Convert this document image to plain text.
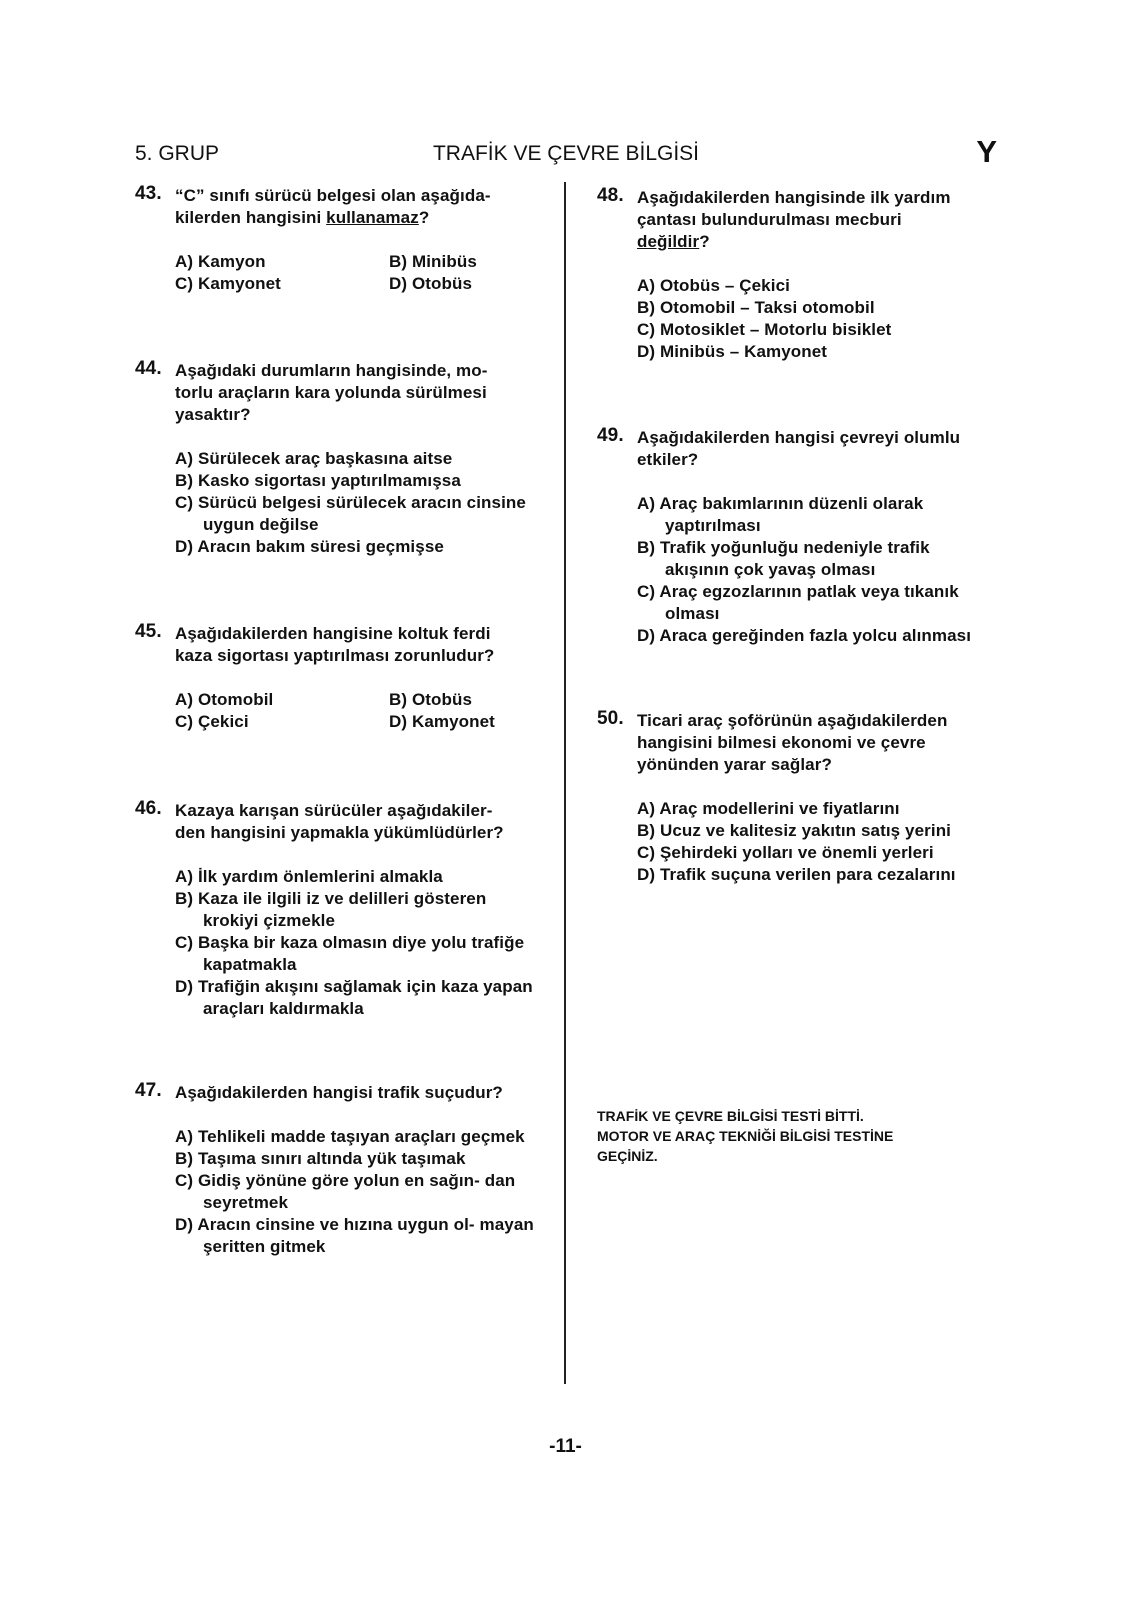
5. GRUP	TRAFİK VE ÇEVRE BİLGİSİ	Y
43. “C” sınıfı sürücü belgesi olan aşağıda-
kilerden hangisini kullanamaz?
A) Kamyon	B) Minibüs
C) Kamyonet	D) Otobüs
44. Aşağıdaki durumların hangisinde, mo-
torlu araçların kara yolunda sürülmesi
yasaktır?
A) Sürülecek araç başkasına aitse
B) Kasko sigortası yaptırılmamışsa
C) Sürücü belgesi sürülecek aracın cinsine uygun değilse
D) Aracın bakım süresi geçmişse
45. Aşağıdakilerden hangisine koltuk ferdi
kaza sigortası yaptırılması zorunludur?
A) Otomobil	B) Otobüs
C) Çekici	D) Kamyonet
46. Kazaya karışan sürücüler aşağıdakiler-
den hangisini yapmakla yükümlüdürler?
A) İlk yardım önlemlerini almakla
B) Kaza ile ilgili iz ve delilleri gösteren krokiyi çizmekle
C) Başka bir kaza olmasın diye yolu trafiğe kapatmakla
D) Trafiğin akışını sağlamak için kaza yapan araçları kaldırmakla
47. Aşağıdakilerden hangisi trafik suçudur?
A) Tehlikeli madde taşıyan araçları geçmek
B) Taşıma sınırı altında yük taşımak
C) Gidiş yönüne göre yolun en sağın- dan seyretmek
D) Aracın cinsine ve hızına uygun ol- mayan şeritten gitmek
48. Aşağıdakilerden hangisinde ilk yardım
çantası bulundurulması mecburi
değildir?
A) Otobüs – Çekici
B) Otomobil – Taksi otomobil
C) Motosiklet – Motorlu bisiklet
D) Minibüs – Kamyonet
49. Aşağıdakilerden hangisi çevreyi olumlu
etkiler?
A) Araç bakımlarının düzenli olarak yaptırılması
B) Trafik yoğunluğu nedeniyle trafik akışının çok yavaş olması
C) Araç egzozlarının patlak veya tıkanık olması
D) Araca gereğinden fazla yolcu alınması
50. Ticari araç şoförünün aşağıdakilerden
hangisini bilmesi ekonomi ve çevre
yönünden yarar sağlar?
A) Araç modellerini ve fiyatlarını
B) Ucuz ve kalitesiz yakıtın satış yerini
C) Şehirdeki yolları ve önemli yerleri
D) Trafik suçuna verilen para cezalarını
TRAFİK VE ÇEVRE BİLGİSİ TESTİ BİTTİ.
MOTOR VE ARAÇ TEKNİĞİ BİLGİSİ TESTİNE
GEÇİNİZ.
-11-
